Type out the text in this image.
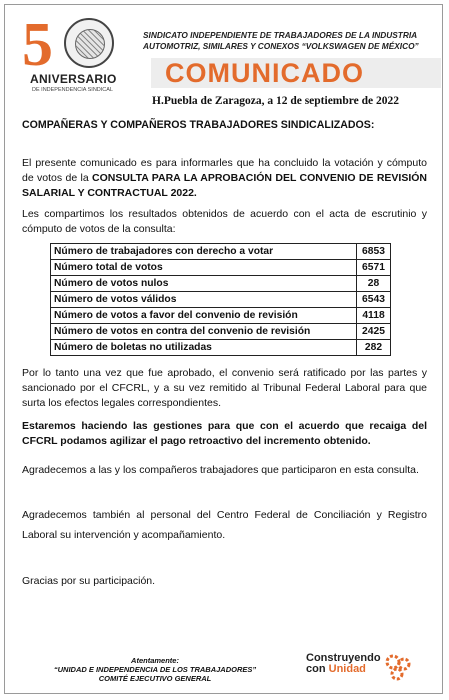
5
ANIVERSARIO
DE INDEPENDENCIA SINDICAL
SINDICATO INDEPENDIENTE DE TRABAJADORES DE LA INDUSTRIA
AUTOMOTRIZ, SIMILARES Y CONEXOS “VOLKSWAGEN DE MÉXICO”
COMUNICADO
H.Puebla de Zaragoza, a 12 de septiembre de 2022
COMPAÑERAS Y COMPAÑEROS TRABAJADORES SINDICALIZADOS:
El presente comunicado es para informarles que ha concluido la votación y cómputo de votos de la CONSULTA PARA LA APROBACIÓN DEL CONVENIO DE REVISIÓN SALARIAL Y CONTRACTUAL 2022.
Les compartimos los resultados obtenidos de acuerdo con el acta de escrutinio y cómputo de votos de la consulta:
Número de trabajadores con derecho a votar	6853
Número total de votos	6571
Número de votos nulos	28
Número de votos válidos	6543
Número de votos a favor del convenio de revisión	4118
Número de votos en contra del convenio de revisión	2425
Número de boletas no utilizadas	282
Por lo tanto una vez que fue aprobado, el convenio será ratificado por las partes y sancionado por el CFCRL, y a su vez remitido al Tribunal Federal Laboral para que surta los efectos legales correspondientes.
Estaremos haciendo las gestiones para que con el acuerdo que recaiga del CFCRL podamos agilizar el pago retroactivo del incremento obtenido.
Agradecemos a las y los compañeros trabajadores que participaron en esta consulta.
Agradecemos también al personal del Centro Federal de Conciliación y Registro Laboral su intervención y acompañamiento.
Gracias por su participación.
Atentamente:
“UNIDAD E INDEPENDENCIA DE LOS TRABAJADORES”
COMITÉ EJECUTIVO GENERAL
Construyendo
con Unidad
